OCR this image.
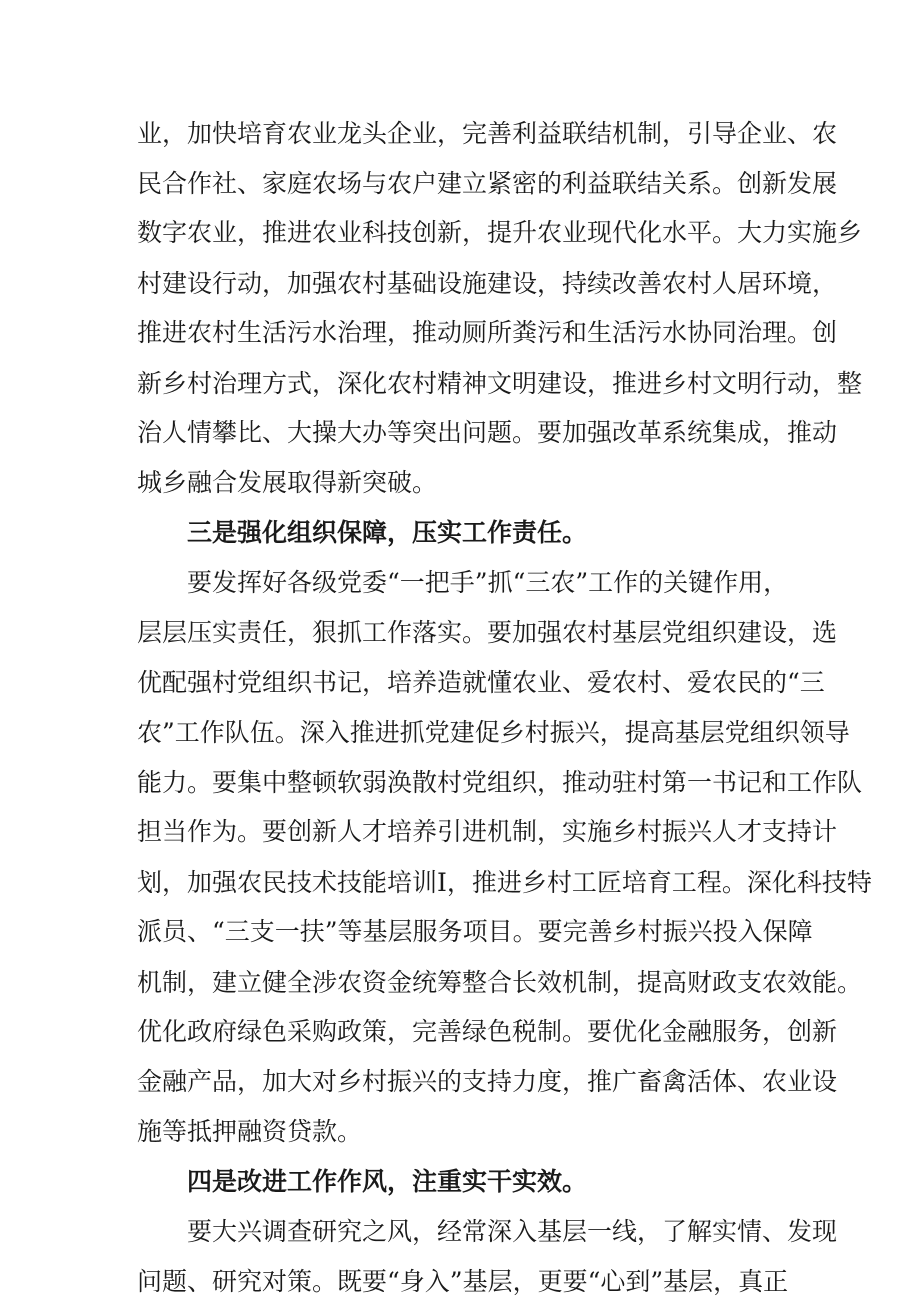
业，加快培育农业龙头企业，完善利益联结机制，引导企业、农
民合作社、家庭农场与农户建立紧密的利益联结关系。创新发展
数字农业，推进农业科技创新，提升农业现代化水平。大力实施乡
村建设行动，加强农村基础设施建设，持续改善农村人居环境，
推进农村生活污水治理，推动厕所粪污和生活污水协同治理。创
新乡村治理方式，深化农村精神文明建设，推进乡村文明行动，整
治人情攀比、大操大办等突出问题。要加强改革系统集成，推动
城乡融合发展取得新突破。
三是强化组织保障，压实工作责任。
要发挥好各级党委“一把手”抓“三农”工作的关键作用，
层层压实责任，狠抓工作落实。要加强农村基层党组织建设，选
优配强村党组织书记，培养造就懂农业、爱农村、爱农民的“三
农”工作队伍。深入推进抓党建促乡村振兴，提高基层党组织领导
能力。要集中整顿软弱涣散村党组织，推动驻村第一书记和工作队
担当作为。要创新人才培养引进机制，实施乡村振兴人才支持计
划，加强农民技术技能培训I，推进乡村工匠培育工程。深化科技特
派员、“三支一扶”等基层服务项目。要完善乡村振兴投入保障
机制，建立健全涉农资金统筹整合长效机制，提高财政支农效能。
优化政府绿色采购政策，完善绿色税制。要优化金融服务，创新
金融产品，加大对乡村振兴的支持力度，推广畜禽活体、农业设
施等抵押融资贷款。
四是改进工作作风，注重实干实效。
要大兴调查研究之风，经常深入基层一线，了解实情、发现
问题、研究对策。既要“身入”基层，更要“心到”基层，真正
